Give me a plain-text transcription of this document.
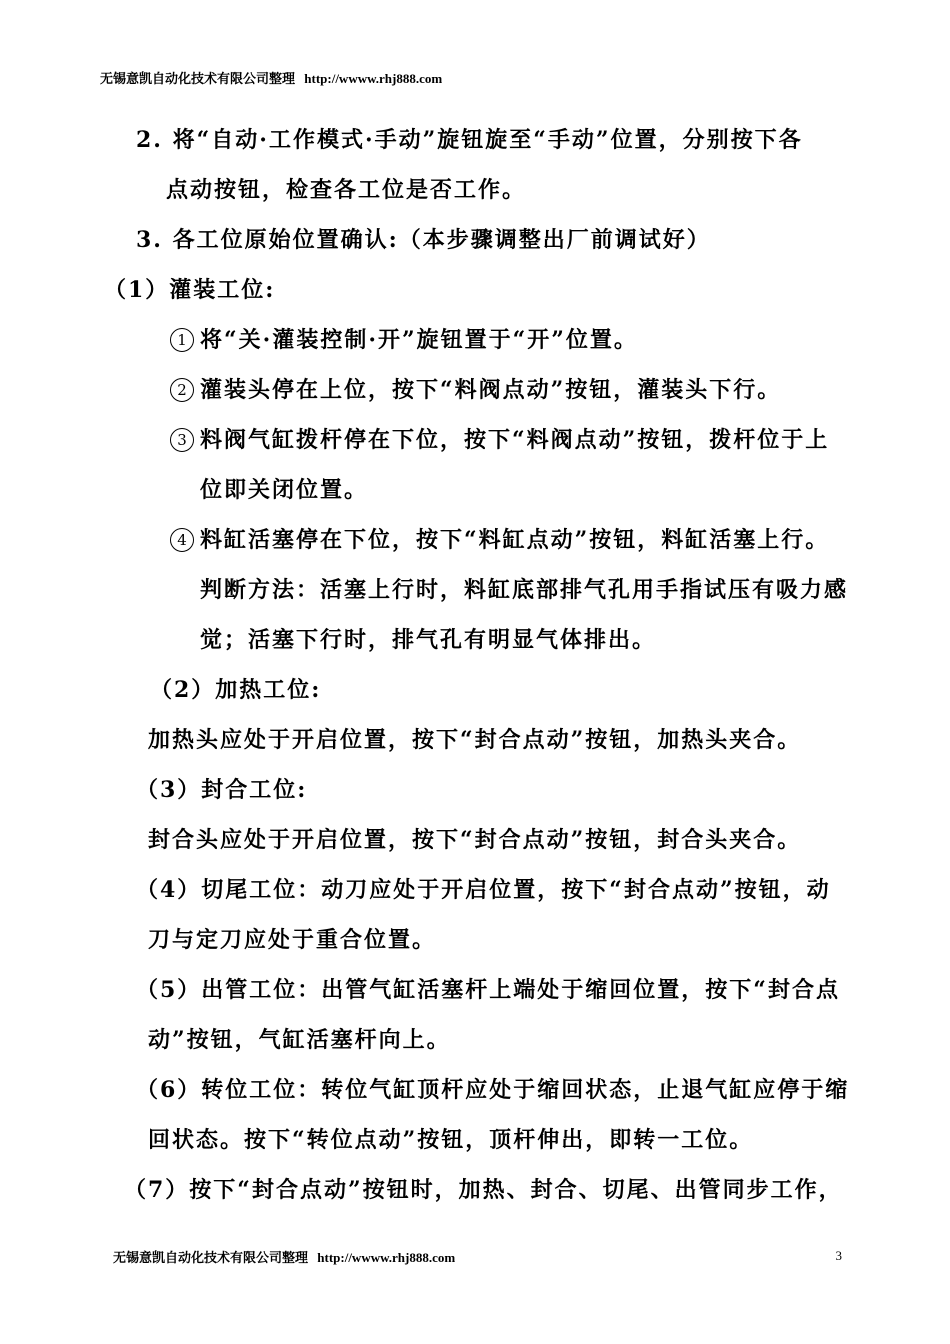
无锡意凯自动化技术有限公司整理 http://wwww.rhj888.com
2. 将“自动·工作模式·手动”旋钮旋至“手动”位置，分别按下各
点动按钮，检查各工位是否工作。
3. 各工位原始位置确认:（本步骤调整出厂前调试好）
（1）灌装工位:
1 将“关·灌装控制·开”旋钮置于“开”位置。
2 灌装头停在上位，按下“料阀点动”按钮，灌装头下行。
3 料阀气缸拨杆停在下位，按下“料阀点动”按钮，拨杆位于上
位即关闭位置。
4 料缸活塞停在下位，按下“料缸点动”按钮，料缸活塞上行。
判断方法：活塞上行时，料缸底部排气孔用手指试压有吸力感
觉；活塞下行时，排气孔有明显气体排出。
（2）加热工位:
加热头应处于开启位置，按下“封合点动”按钮，加热头夹合。
（3）封合工位:
封合头应处于开启位置，按下“封合点动”按钮，封合头夹合。
（4）切尾工位：动刀应处于开启位置，按下“封合点动”按钮，动
刀与定刀应处于重合位置。
（5）出管工位：出管气缸活塞杆上端处于缩回位置，按下“封合点
动”按钮，气缸活塞杆向上。
（6）转位工位：转位气缸顶杆应处于缩回状态，止退气缸应停于缩
回状态。按下“转位点动”按钮，顶杆伸出，即转一工位。
（7）按下“封合点动”按钮时，加热、封合、切尾、出管同步工作，
无锡意凯自动化技术有限公司整理 http://wwww.rhj888.com	3
